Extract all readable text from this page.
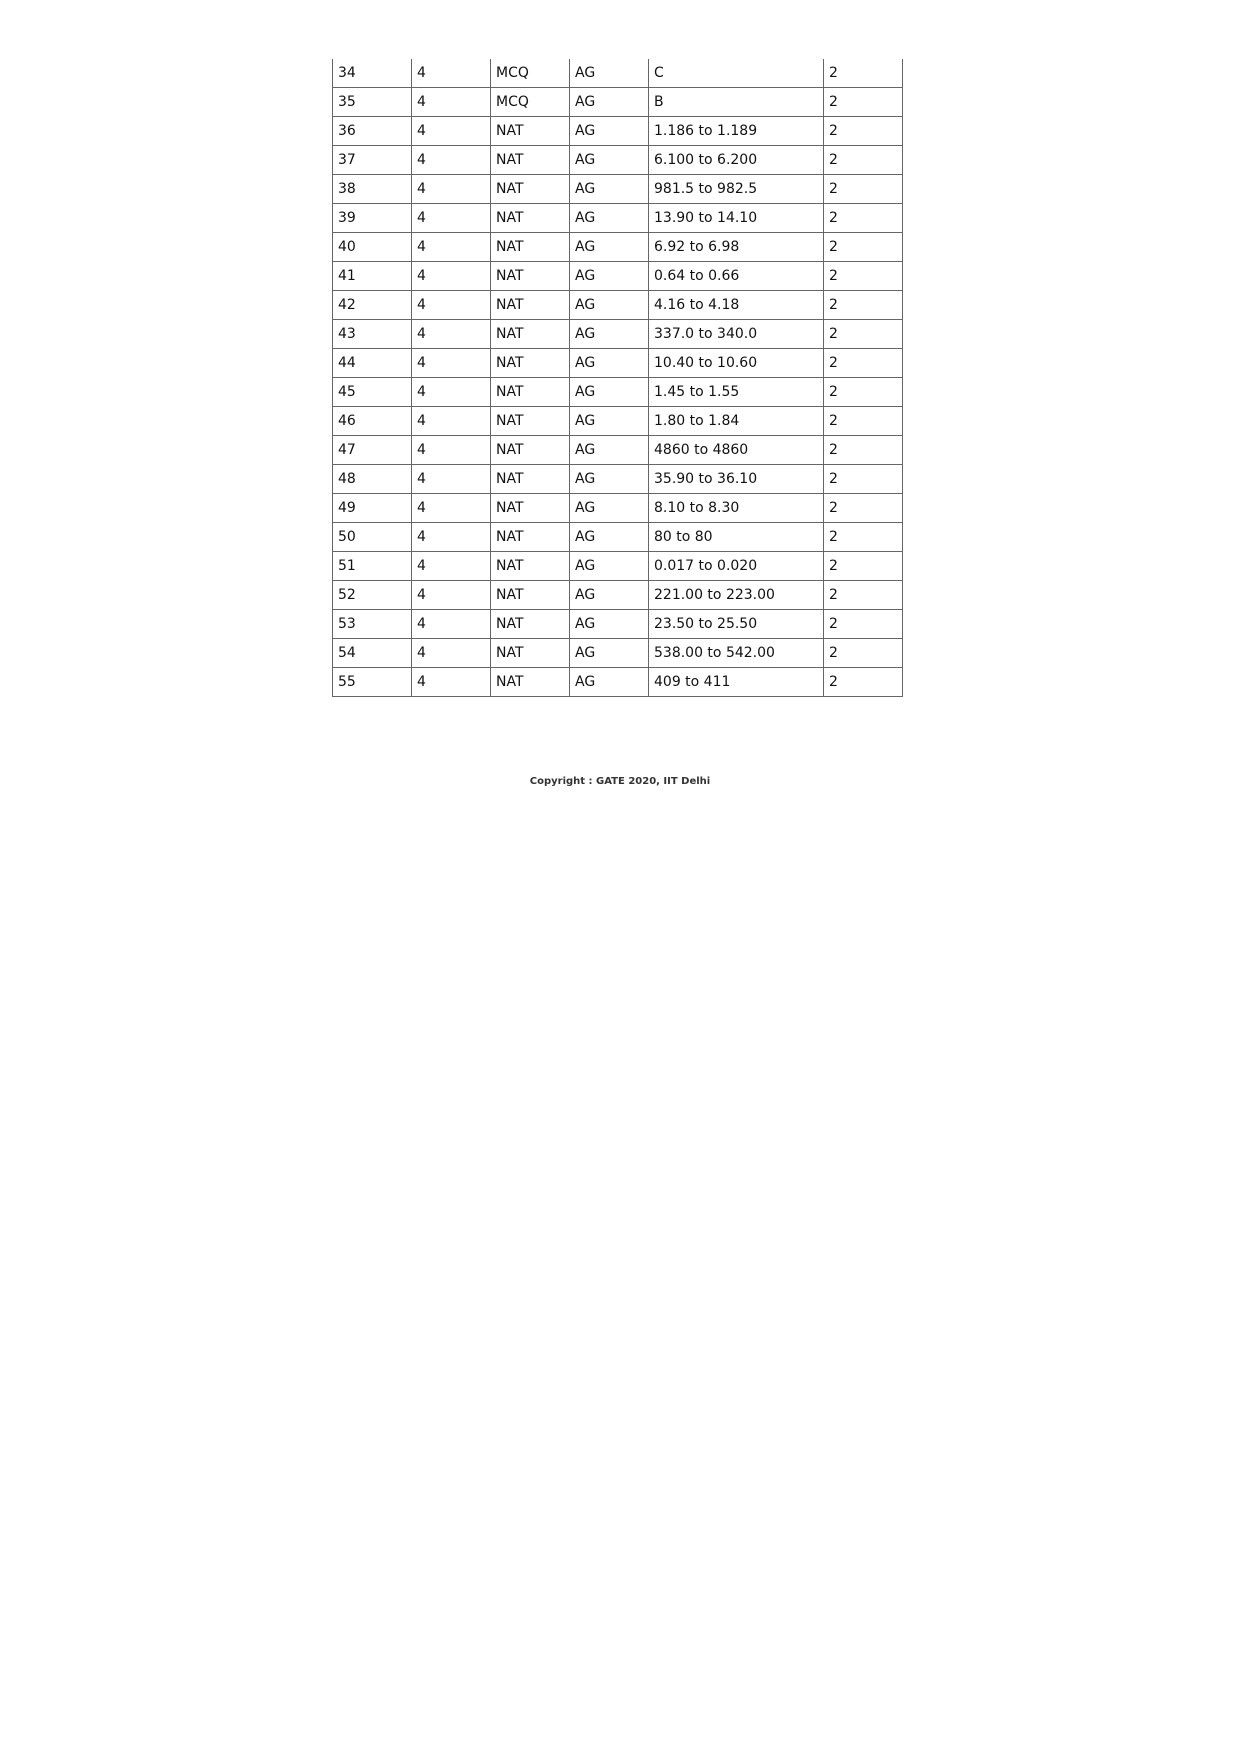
34	4	MCQ	AG	C	2
35	4	MCQ	AG	B	2
36	4	NAT	AG	1.186 to 1.189	2
37	4	NAT	AG	6.100 to 6.200	2
38	4	NAT	AG	981.5 to 982.5	2
39	4	NAT	AG	13.90 to 14.10	2
40	4	NAT	AG	6.92 to 6.98	2
41	4	NAT	AG	0.64 to 0.66	2
42	4	NAT	AG	4.16 to 4.18	2
43	4	NAT	AG	337.0 to 340.0	2
44	4	NAT	AG	10.40 to 10.60	2
45	4	NAT	AG	1.45 to 1.55	2
46	4	NAT	AG	1.80 to 1.84	2
47	4	NAT	AG	4860 to 4860	2
48	4	NAT	AG	35.90 to 36.10	2
49	4	NAT	AG	8.10 to 8.30	2
50	4	NAT	AG	80 to 80	2
51	4	NAT	AG	0.017 to 0.020	2
52	4	NAT	AG	221.00 to 223.00	2
53	4	NAT	AG	23.50 to 25.50	2
54	4	NAT	AG	538.00 to 542.00	2
55	4	NAT	AG	409 to 411	2
Copyright : GATE 2020, IIT Delhi
